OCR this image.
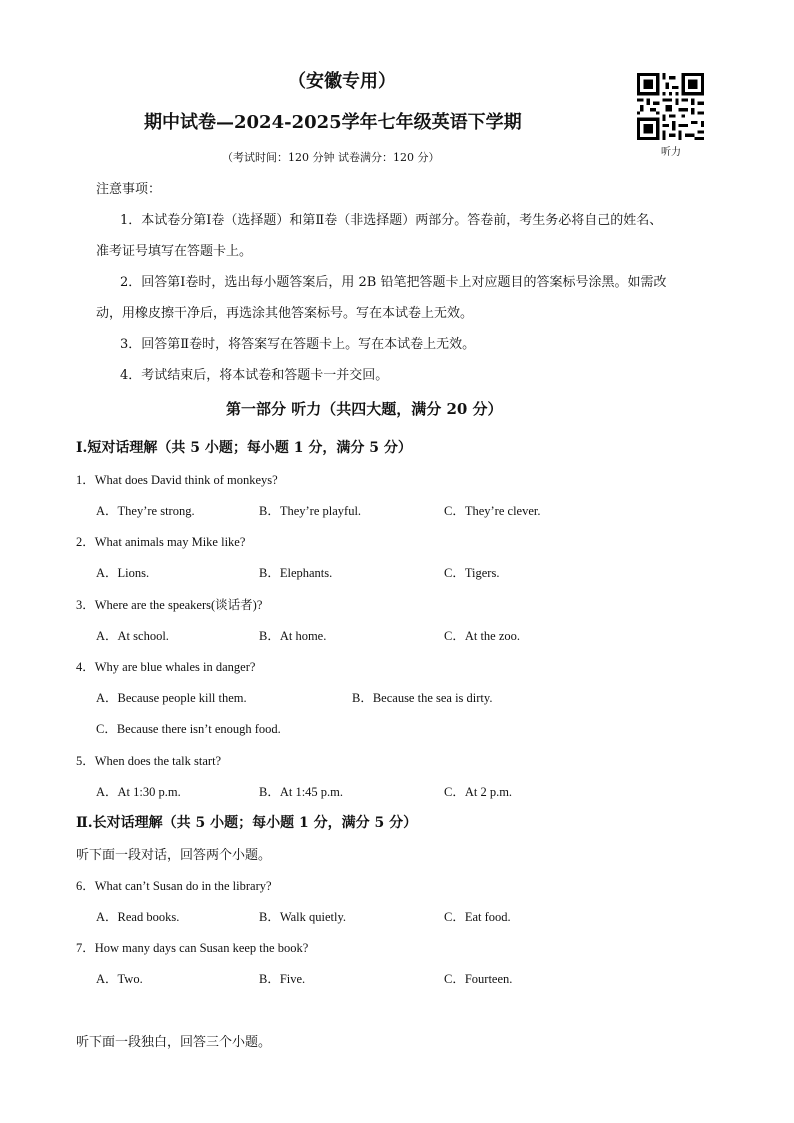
（安徽专用）
期中试卷—2024-2025学年七年级英语下学期
（考试时间：120 分钟 试卷满分：120 分）	听力
注意事项：
1．本试卷分第Ⅰ卷（选择题）和第Ⅱ卷（非选择题）两部分。答卷前，考生务必将自己的姓名、
准考证号填写在答题卡上。
2．回答第Ⅰ卷时，选出每小题答案后，用 2B 铅笔把答题卡上对应题目的答案标号涂黑。如需改
动，用橡皮擦干净后，再选涂其他答案标号。写在本试卷上无效。
3．回答第Ⅱ卷时，将答案写在答题卡上。写在本试卷上无效。
4．考试结束后，将本试卷和答题卡一并交回。
第一部分 听力（共四大题，满分 20 分）
Ⅰ.短对话理解（共 5 小题；每小题 1 分，满分 5 分）
1．What does David think of monkeys?
A．They’re strong.	B．They’re playful.	C．They’re clever.
2．What animals may Mike like?
A．Lions.	B．Elephants.	C．Tigers.
3．Where are the speakers(谈话者)?
A．At school.	B．At home.	C．At the zoo.
4．Why are blue whales in danger?
A．Because people kill them.	B．Because the sea is dirty.
C．Because there isn’t enough food.
5．When does the talk start?
A．At 1:30 p.m.	B．At 1:45 p.m.	C．At 2 p.m.
Ⅱ.长对话理解（共 5 小题；每小题 1 分，满分 5 分）
听下面一段对话，回答两个小题。
6．What can’t Susan do in the library?
A．Read books.	B．Walk quietly.	C．Eat food.
7．How many days can Susan keep the book?
A．Two.	B．Five.	C．Fourteen.
听下面一段独白，回答三个小题。
